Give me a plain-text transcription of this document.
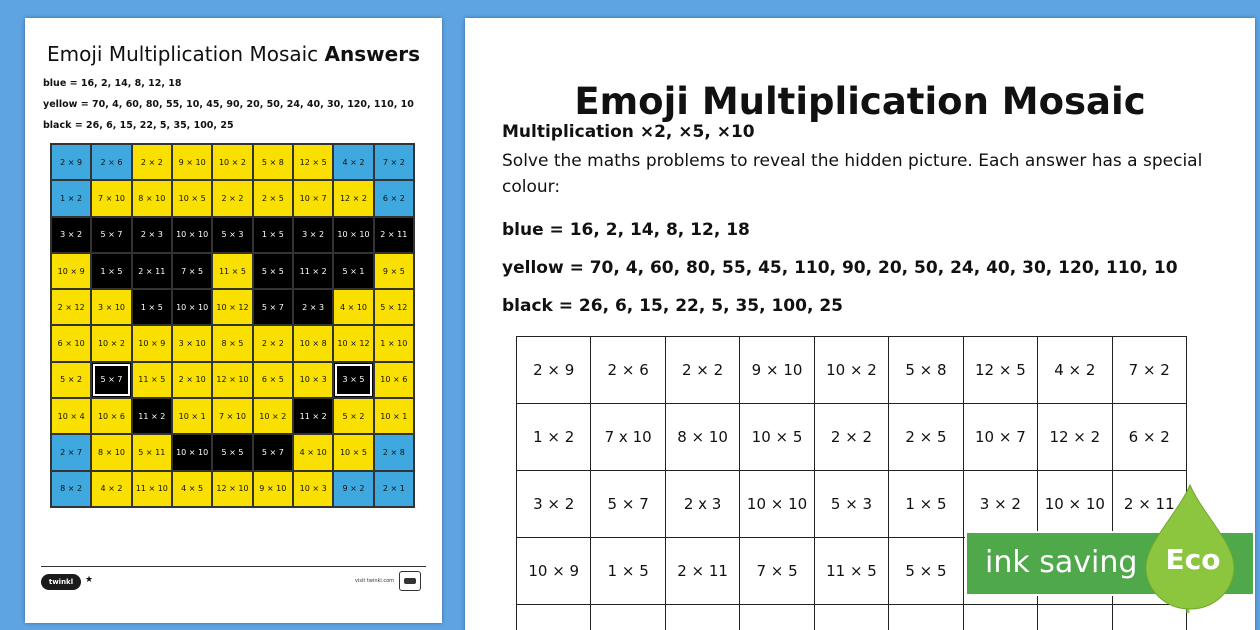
Emoji Multiplication Mosaic Answers
blue = 16, 2, 14, 8, 12, 18
yellow = 70, 4, 60, 80, 55, 10, 45, 90, 20, 50, 24, 40, 30, 120, 110, 10
black = 26, 6, 15, 22, 5, 35, 100, 25
2 × 9	2 × 6	2 × 2	9 × 10	10 × 2	5 × 8	12 × 5	4 × 2	7 × 2
1 × 2	7 × 10	8 × 10	10 × 5	2 × 2	2 × 5	10 × 7	12 × 2	6 × 2
3 × 2	5 × 7	2 × 3	10 × 10	5 × 3	1 × 5	3 × 2	10 × 10	2 × 11
10 × 9	1 × 5	2 × 11	7 × 5	11 × 5	5 × 5	11 × 2	5 × 1	9 × 5
2 × 12	3 × 10	1 × 5	10 × 10	10 × 12	5 × 7	2 × 3	4 × 10	5 × 12
6 × 10	10 × 2	10 × 9	3 × 10	8 × 5	2 × 2	10 × 8	10 × 12	1 × 10
5 × 2	5 × 7	11 × 5	2 × 10	12 × 10	6 × 5	10 × 3	3 × 5	10 × 6
10 × 4	10 × 6	11 × 2	10 × 1	7 × 10	10 × 2	11 × 2	5 × 2	10 × 1
2 × 7	8 × 10	5 × 11	10 × 10	5 × 5	5 × 7	4 × 10	10 × 5	2 × 8
8 × 2	4 × 2	11 × 10	4 × 5	12 × 10	9 × 10	10 × 3	9 × 2	2 × 1
twinkl	★	visit twinkl.com
Emoji Multiplication Mosaic
Multiplication ×2, ×5, ×10
Solve the maths problems to reveal the hidden picture. Each answer has a special colour:
blue = 16, 2, 14, 8, 12, 18
yellow = 70, 4, 60, 80, 55, 45, 110, 90, 20, 50, 24, 40, 30, 120, 110, 10
black = 26, 6, 15, 22, 5, 35, 100, 25
2 × 9	2 × 6	2 × 2	9 × 10	10 × 2	5 × 8	12 × 5	4 × 2	7 × 2
1 × 2	7 x 10	8 × 10	10 × 5	2 × 2	2 × 5	10 × 7	12 × 2	6 × 2
3 × 2	5 × 7	2 x 3	10 × 10	5 × 3	1 × 5	3 × 2	10 × 10	2 × 11
10 × 9	1 × 5	2 × 11	7 × 5	11 × 5	5 × 5	ink saving Eco
